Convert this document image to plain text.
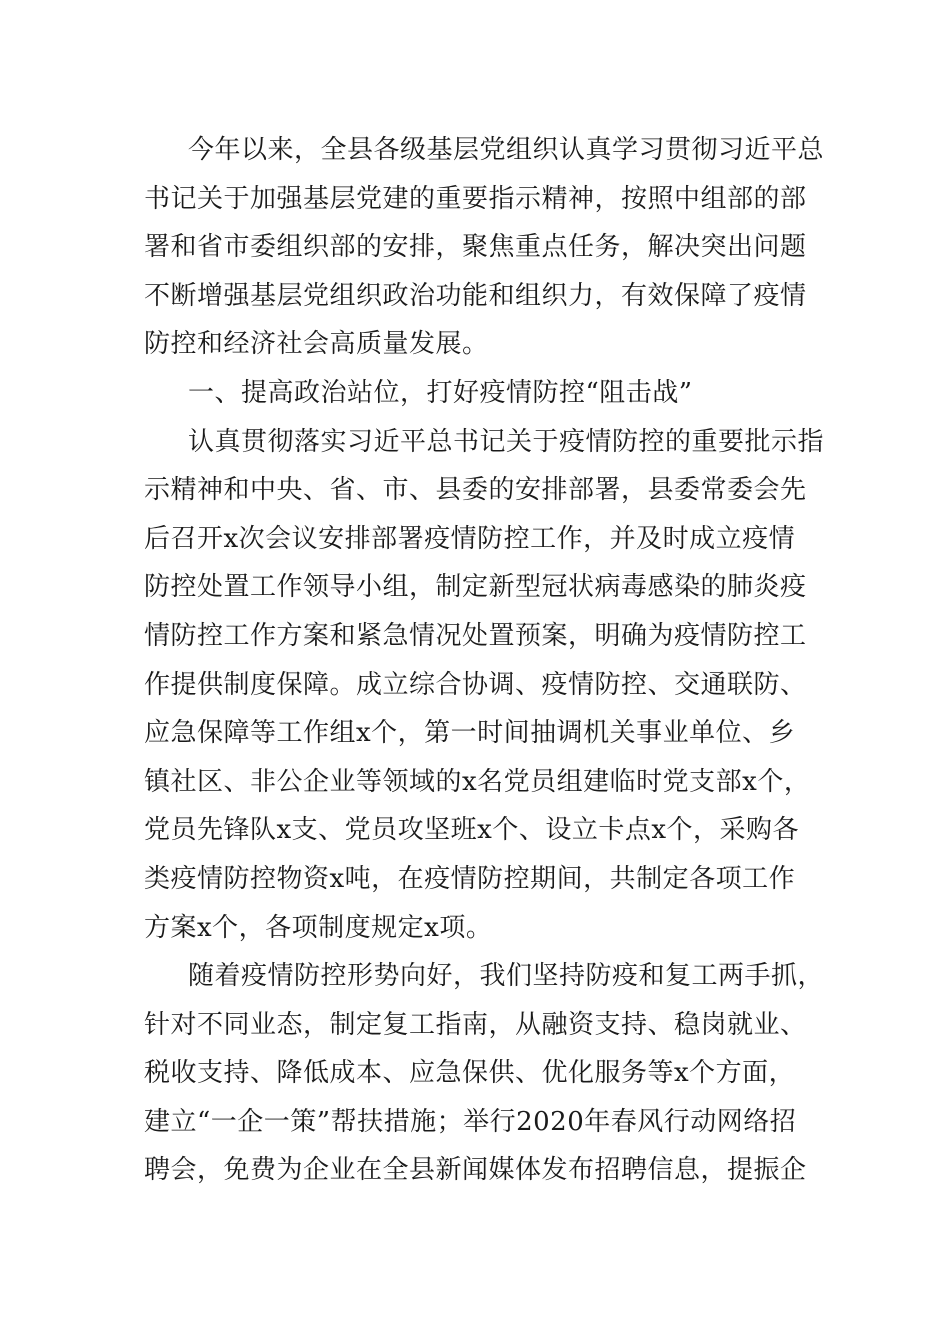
今年以来，全县各级基层党组织认真学习贯彻习近平总
书记关于加强基层党建的重要指示精神，按照中组部的部
署和省市委组织部的安排，聚焦重点任务，解决突出问题
不断增强基层党组织政治功能和组织力，有效保障了疫情
防控和经济社会高质量发展。
一、提高政治站位，打好疫情防控“阻击战”
认真贯彻落实习近平总书记关于疫情防控的重要批示指
示精神和中央、省、市、县委的安排部署，县委常委会先
后召开x次会议安排部署疫情防控工作，并及时成立疫情
防控处置工作领导小组，制定新型冠状病毒感染的肺炎疫
情防控工作方案和紧急情况处置预案，明确为疫情防控工
作提供制度保障。成立综合协调、疫情防控、交通联防、
应急保障等工作组x个，第一时间抽调机关事业单位、乡
镇社区、非公企业等领域的x名党员组建临时党支部x个，
党员先锋队x支、党员攻坚班x个、设立卡点x个，采购各
类疫情防控物资x吨，在疫情防控期间，共制定各项工作
方案x个，各项制度规定x项。
随着疫情防控形势向好，我们坚持防疫和复工两手抓，
针对不同业态，制定复工指南，从融资支持、稳岗就业、
税收支持、降低成本、应急保供、优化服务等x个方面，
建立“一企一策”帮扶措施；举行2020年春风行动网络招
聘会，免费为企业在全县新闻媒体发布招聘信息，提振企
